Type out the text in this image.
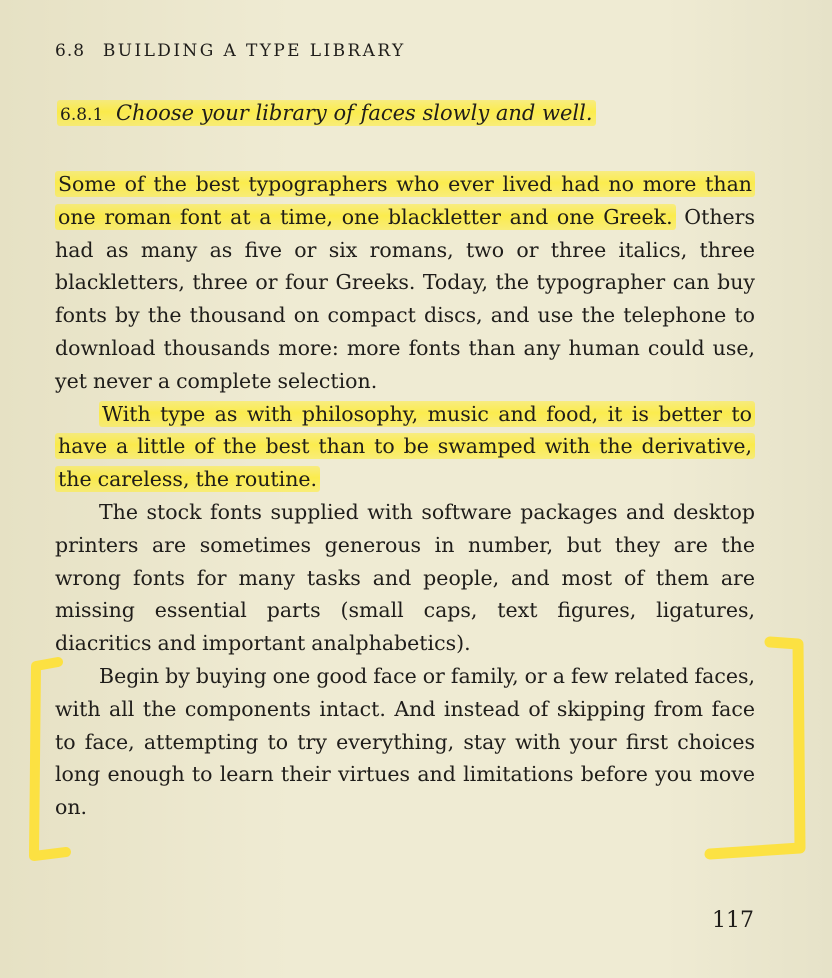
6.8 BUILDING A TYPE LIBRARY
6.8.1 Choose your library of faces slowly and well.

Some of the best typographers who ever lived had no more than one roman font at a time, one blackletter and one Greek. Others had as many as five or six romans, two or three italics, three blackletters, three or four Greeks. Today, the typographer can buy fonts by the thousand on compact discs, and use the telephone to download thousands more: more fonts than any human could use, yet never a complete selection.

With type as with philosophy, music and food, it is better to have a little of the best than to be swamped with the derivative, the careless, the routine.

The stock fonts supplied with software packages and desktop printers are sometimes generous in number, but they are the wrong fonts for many tasks and people, and most of them are missing essential parts (small caps, text figures, ligatures, diacritics and important analphabetics).

Begin by buying one good face or family, or a few related faces, with all the components intact. And instead of skipping from face to face, attempting to try everything, stay with your first choices long enough to learn their virtues and limitations before you move on.

117
